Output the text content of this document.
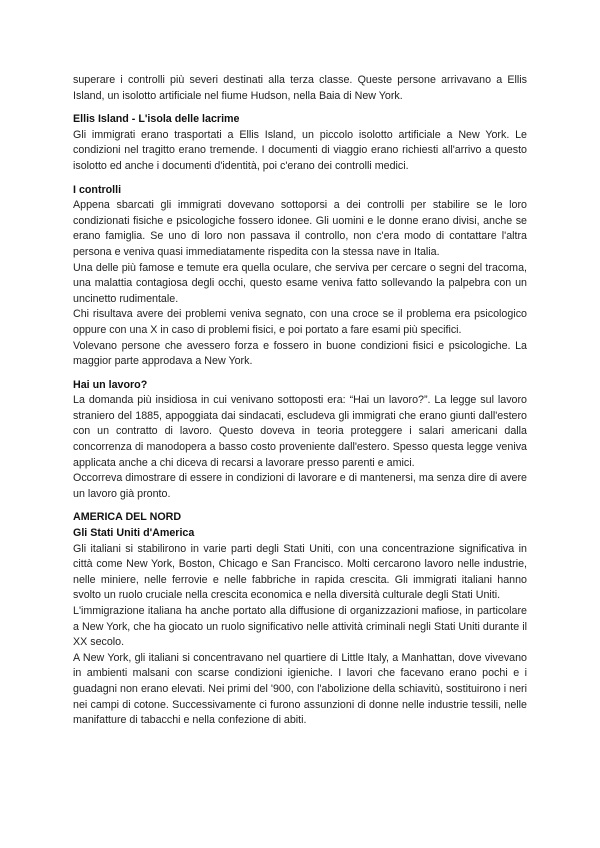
superare i controlli più severi destinati alla terza classe. Queste persone arrivavano a Ellis Island, un isolotto artificiale nel fiume Hudson, nella Baia di New York.

Ellis Island - L'isola delle lacrime

Gli immigrati erano trasportati a Ellis Island, un piccolo isolotto artificiale a New York. Le condizioni nel tragitto erano tremende. I documenti di viaggio erano richiesti all'arrivo a questo isolotto ed anche i documenti d'identità, poi c'erano dei controlli medici.

I controlli

Appena sbarcati gli immigrati dovevano sottoporsi a dei controlli per stabilire se le loro condizionati fisiche e psicologiche fossero idonee. Gli uomini e le donne erano divisi, anche se erano famiglia. Se uno di loro non passava il controllo, non c'era modo di contattare l'altra persona e veniva quasi immediatamente rispedita con la stessa nave in Italia.

Una delle più famose e temute era quella oculare, che serviva per cercare o segni del tracoma, una malattia contagiosa degli occhi, questo esame veniva fatto sollevando la palpebra con un uncinetto rudimentale.

Chi risultava avere dei problemi veniva segnato, con una croce se il problema era psicologico oppure con una X in caso di problemi fisici, e poi portato a fare esami più specifici.

Volevano persone che avessero forza e fossero in buone condizioni fisici e psicologiche. La maggior parte approdava a New York.

Hai un lavoro?

La domanda più insidiosa in cui venivano sottoposti era: “Hai un lavoro?”. La legge sul lavoro straniero del 1885, appoggiata dai sindacati, escludeva gli immigrati che erano giunti dall'estero con un contratto di lavoro. Questo doveva in teoria proteggere i salari americani dalla concorrenza di manodopera a basso costo proveniente dall'estero. Spesso questa legge veniva applicata anche a chi diceva di recarsi a lavorare presso parenti e amici.

Occorreva dimostrare di essere in condizioni di lavorare e di mantenersi, ma senza dire di avere un lavoro già pronto.

AMERICA DEL NORD

Gli Stati Uniti d'America

Gli italiani si stabilirono in varie parti degli Stati Uniti, con una concentrazione significativa in città come New York, Boston, Chicago e San Francisco. Molti cercarono lavoro nelle industrie, nelle miniere, nelle ferrovie e nelle fabbriche in rapida crescita. Gli immigrati italiani hanno svolto un ruolo cruciale nella crescita economica e nella diversità culturale degli Stati Uniti.

L'immigrazione italiana ha anche portato alla diffusione di organizzazioni mafiose, in particolare a New York, che ha giocato un ruolo significativo nelle attività criminali negli Stati Uniti durante il XX secolo.

A New York, gli italiani si concentravano nel quartiere di Little Italy, a Manhattan, dove vivevano in ambienti malsani con scarse condizioni igieniche. I lavori che facevano erano pochi e i guadagni non erano elevati. Nei primi del '900, con l'abolizione della schiavitù, sostituirono i neri nei campi di cotone. Successivamente ci furono assunzioni di donne nelle industrie tessili, nelle manifatture di tabacchi e nella confezione di abiti.
